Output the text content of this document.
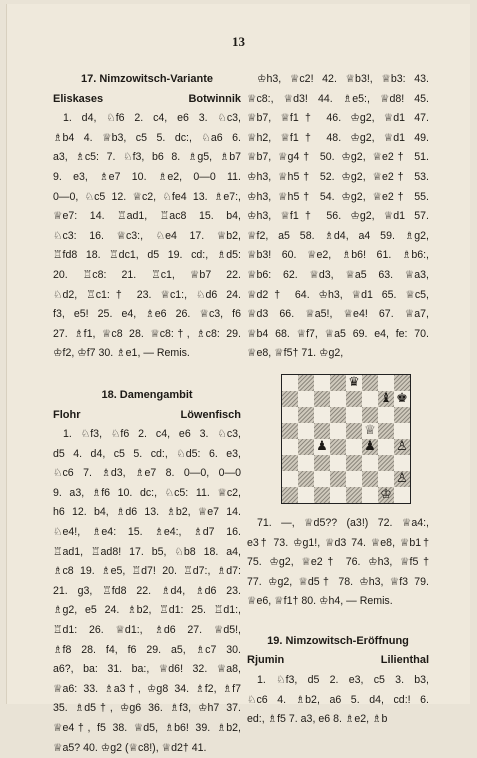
13
17. Nimzowitsch-Variante
Eliskases	Botwinnik
1. d4, ♘f6 2. c4, e6 3. ♘c3,
♗b4 4. ♕b3, c5 5. dc:, ♘a6 6.
a3, ♗c5: 7. ♘f3, b6 8. ♗g5, ♗b7
9. e3, ♗e7 10. ♗e2, 0—0 11.
0—0, ♘c5 12. ♕c2, ♘fe4 13. ♗e7:,
♕e7: 14. ♖ad1, ♖ac8 15. b4,
♘c3: 16. ♕c3:, ♘e4 17. ♕b2,
♖fd8 18. ♖dc1, d5 19. cd:, ♗d5:
20. ♖c8: 21. ♖c1, ♕b7 22.
♘d2, ♖c1:† 23. ♕c1:, ♘d6 24.
f3, e5! 25. e4, ♗e6 26. ♕c3, f6
27. ♗f1, ♕c8 28. ♕c8:†, ♗c8: 29.
♔f2, ♔f7 30. ♗e1, — Remis.
18. Damengambit
Flohr	Löwenfisch
1. ♘f3, ♘f6 2. c4, e6 3. ♘c3,
d5 4. d4, c5 5. cd:, ♘d5: 6. e3,
♘c6 7. ♗d3, ♗e7 8. 0—0, 0—0
9. a3, ♗f6 10. dc:, ♘c5: 11. ♕c2,
h6 12. b4, ♗d6 13. ♗b2, ♕e7 14.
♘e4!, ♗e4: 15. ♗e4:, ♗d7 16.
♖ad1, ♖ad8! 17. b5, ♘b8 18. a4,
♗c8 19. ♗e5, ♖d7! 20. ♖d7:, ♗d7:
21. g3, ♖fd8 22. ♗d4, ♗d6 23.
♗g2, e5 24. ♗b2, ♖d1: 25. ♖d1:,
♖d1: 26. ♕d1:, ♗d6 27. ♕d5!,
♗f8 28. f4, f6 29. a5, ♗c7 30.
a6?, ba: 31. ba:, ♕d6! 32. ♕a8,
♕a6: 33. ♗a3†, ♔g8 34. ♗f2, ♗f7
35. ♗d5†, ♔g6 36. ♗f3, ♔h7 37.
♕e4†, f5 38. ♕d5, ♗b6! 39. ♗b2,
♕a5? 40. ♔g2 (♕c8!), ♕d2† 41.
♔h3, ♕c2! 42. ♕b3!, ♕b3: 43.
♕c8:, ♕d3! 44. ♗e5:, ♕d8! 45.
♕b7, ♕f1† 46. ♔g2, ♕d1 47.
♕h2, ♕f1† 48. ♔g2, ♕d1 49.
♕b7, ♕g4† 50. ♔g2, ♕e2† 51.
♔h3, ♕h5† 52. ♔g2, ♕e2† 53.
♔h3, ♕h5† 54. ♔g2, ♕e2† 55.
♔h3, ♕f1† 56. ♔g2, ♕d1 57.
♕f2, a5 58. ♗d4, a4 59. ♗g2,
♕b3! 60. ♕e2, ♗b6! 61. ♗b6:,
♕b6: 62. ♕d3, ♕a5 63. ♕a3,
♕d2† 64. ♔h3, ♕d1 65. ♕c5,
♕d3 66. ♕a5!, ♕e4! 67. ♕a7,
♕b4 68. ♕f7, ♕a5 69. e4, fe: 70.
♕e8, ♕f5† 71. ♔g2,
♛
♝ ♚
♕
♟	♟ ♙
♙
♔
71. —, ♕d5?? (a3!) 72. ♕a4:,
e3† 73. ♔g1!, ♕d3 74. ♕e8, ♕b1†
75. ♔g2, ♕e2† 76. ♔h3, ♕f5†
77. ♔g2, ♕d5† 78. ♔h3, ♕f3 79.
♕e6, ♕f1† 80. ♔h4, — Remis.
19. Nimzowitsch-Eröffnung
Rjumin	Lilienthal
1. ♘f3, d5 2. e3, c5 3. b3,
♘c6 4. ♗b2, a6 5. d4, cd:! 6.
ed:, ♗f5 7. a3, e6 8. ♗e2, ♗b
